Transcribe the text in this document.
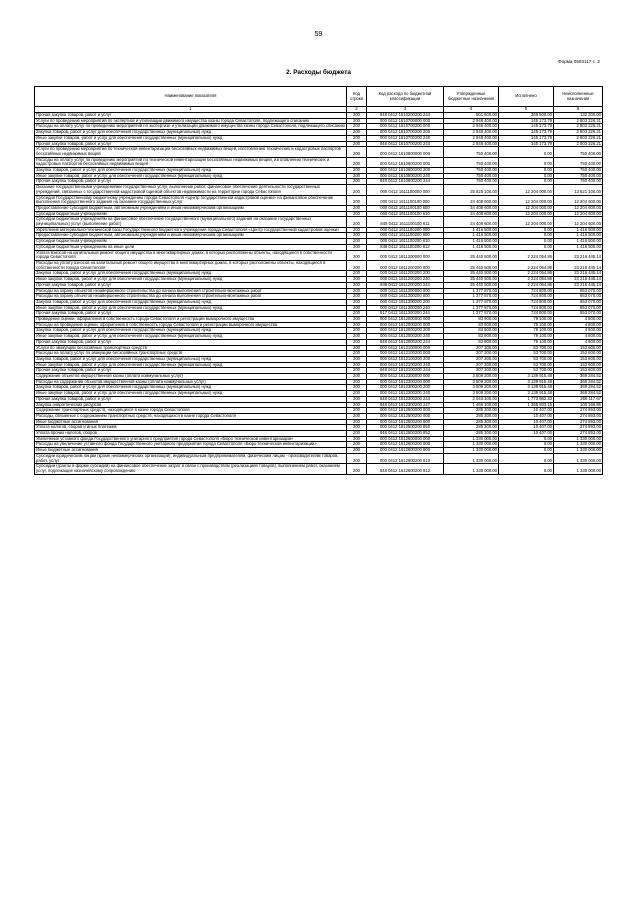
59
Форма 0503117 с. 2
2. Расходы бюджета
Наименование показателя	Код строки	Код расхода по бюджетной классификации	Утвержденные бюджетные назначения	Исполнено	Неисполненные назначения
1	2	3	4	5	6
Прочая закупка товаров, работ и услуг	200	848 0412 1610200200 244	501 600.00	369 500.00	132 300.00
Услуги по проведению мероприятий по экспертизе и утилизации движимого имущества казны города Севастополя, подлежащего списанию	200	000 0412 1610700000 000	2 948 400.00	145 173.79	2 803 226.21
Расходы на оплату услуг по проведению мероприятий по экспертизе и утилизации движимого имущества казны города Севастополя, подлежащего списанию	200	000 0412 1610700200 000	2 948 400.00	145 173.79	2 803 226.21
Закупка товаров, работ и услуг для обеспечения государственных (муниципальных) нужд	200	000 0412 1610700200 200	2 948 400.00	145 173.79	2 803 226.21
Иные закупки товаров, работ и услуг для обеспечения государственных (муниципальных) нужд	200	000 0412 1610700200 240	2 948 400.00	145 173.79	2 803 226.21
Прочая закупка товаров, работ и услуг	200	848 0412 1610700200 244	2 948 400.00	145 173.79	2 803 226.21
Услуги по проведению мероприятий по технической инвентаризации бесхозяйных недвижимых вещей, изготовлению технических и кадастровых паспортов бесхозяйных недвижимых вещей	200	000 0412 1610800000 000	750 400.00	0.00	750 400.00
Расходы на оплату услуг по проведению мероприятий по технической инвентаризации бесхозяйных недвижимых вещей, изготовлению технических и кадастровых паспортов бесхозяйных недвижимых вещей	200	000 0412 1610800200 000	750 400.00	0.00	750 400.00
Закупка товаров, работ и услуг для обеспечения государственных (муниципальных) нужд	200	000 0412 1610800200 200	750 400.00	0.00	750 400.00
Иные закупки товаров, работ и услуг для обеспечения государственных (муниципальных) нужд	200	000 0412 1610800200 240	750 400.00	0.00	750 400.00
Прочая закупка товаров, работ и услуг	200	848 0412 1610800200 244	750 400.00	0.00	750 400.00
Оказание государственными учреждениями государственных услуг, выполнение работ, финансовое обеспечение деятельности государственных учреждений, связанных с государственной кадастровой оценкой объектов недвижимости на территории города Севастополя	200	000 0412 1611100000 000	25 825 100.00	12 204 000.00	13 621 100.00
Субсидия Государственному бюджетному учреждению города Севастополя «Центр государственной кадастровой оценки» на финансовое обеспечение выполнения государственного задания на оказание государственных услуг	200	000 0412 1611100100 000	24 408 600.00	12 204 000.00	12 204 600.00
Предоставление субсидий бюджетным, автономным учреждениям и иным некоммерческим организациям	200	000 0412 1611100100 600	24 408 600.00	12 204 000.00	12 204 600.00
Субсидии бюджетным учреждениям	200	000 0412 1611100100 610	24 408 600.00	12 204 000.00	12 204 600.00
Субсидии бюджетным учреждениям на финансовое обеспечение государственного (муниципального) задания на оказание государственных (муниципальных) услуг (выполнение работ)	200	848 0412 1611100100 611	24 408 600.00	12 204 000.00	12 204 600.00
Укрепление материально-технической базы Государственного бюджетного учреждения города Севастополя «Центр государственной кадастровой оценки»	200	000 0412 1611100200 000	1 416 500.00	0.00	1 416 500.00
Предоставление субсидий бюджетным, автономным учреждениям и иным некоммерческим организациям	200	000 0412 1611100200 600	1 416 500.00	0.00	1 416 500.00
Субсидии бюджетным учреждениям	200	000 0412 1611100200 610	1 416 500.00	0.00	1 416 500.00
Субсидии бюджетным учреждениям на иные цели	200	848 0412 1611100200 612	1 416 500.00	0.00	1 416 500.00
Уплата взносов на капитальный ремонт общего имущества в многоквартирных домах, в которых расположены объекты, находящиеся в собственности города Севастополя	200	000 0412 1611200000 000	25 440 500.00	2 224 054.86	23 216 445.14
Расходы на уплату взносов на капитальный ремонт общего имущества в многоквартирных домах, в которых расположены объекты, находящиеся в собственности города Севастополя	200	000 0412 1611200200 000	25 440 500.00	2 224 054.86	23 216 445.14
Закупка товаров, работ и услуг для обеспечения государственных (муниципальных) нужд	200	000 0412 1611200200 200	25 440 500.00	2 224 054.86	23 216 445.14
Иные закупки товаров, работ и услуг для обеспечения государственных (муниципальных) нужд	200	000 0412 1611200200 240	25 440 500.00	2 224 054.86	23 216 445.14
Прочая закупка товаров, работ и услуг	200	848 0412 1611200200 244	25 440 500.00	2 224 054.86	23 216 445.14
Расходы на охрану объектов незавершенного строительства до начала выполнения строительно-монтажных работ	200	000 0412 1611300000 000	1 377 870.00	724 800.00	653 070.00
Расходы на охрану объектов незавершенного строительства до начала выполнения строительно-монтажных работ	200	000 0412 1611300200 000	1 377 870.00	724 800.00	653 070.00
Закупка товаров, работ и услуг для обеспечения государственных (муниципальных) нужд	200	000 0412 1611300200 200	1 377 870.00	724 800.00	653 070.00
Иные закупки товаров, работ и услуг для обеспечения государственных (муниципальных) нужд	200	000 0412 1611300200 240	1 377 870.00	724 800.00	653 070.00
Прочая закупка товаров, работ и услуг	200	817 0412 1611300200 244	1 377 870.00	724 800.00	653 070.00
Проведение оценки, оформления в собственность города Севастополя и регистрации выморочного имущества	200	000 0412 1612000000 000	83 900.00	79 100.00	4 800.00
Расходы на проведение оценки, оформления в собственность города Севастополя и регистрации выморочного имущества	200	000 0412 1612000200 000	83 900.00	79 100.00	4 800.00
Закупка товаров, работ и услуг для обеспечения государственных (муниципальных) нужд	200	000 0412 1612000200 200	83 900.00	79 100.00	4 800.00
Иные закупки товаров, работ и услуг для обеспечения государственных (муниципальных) нужд	200	000 0412 1612000200 240	83 900.00	79 100.00	4 800.00
Прочая закупка товаров, работ и услуг	200	848 0412 1612000200 244	83 900.00	79 100.00	4 800.00
Услуги по эвакуации бесхозяйных транспортных средств	200	000 0412 1612100000 000	207 300.00	53 700.00	153 600.00
Расходы на оплату услуг по эвакуации бесхозяйных транспортных средств	200	000 0412 1612100200 000	207 300.00	53 700.00	153 600.00
Закупка товаров, работ и услуг для обеспечения государственных (муниципальных) нужд	200	000 0412 1612100200 200	207 300.00	53 700.00	153 600.00
Иные закупки товаров, работ и услуг для обеспечения государственных (муниципальных) нужд	200	000 0412 1612100200 240	207 300.00	53 700.00	153 600.00
Прочая закупка товаров, работ и услуг	200	848 0412 1612100200 244	207 300.00	53 700.00	153 600.00
Содержание объектов имущественной казны (оплата коммунальных услуг)	200	000 0412 1612300000 000	3 509 200.00	3 139 915.48	369 284.52
Расходы на содержание объектов имущественной казны (оплата коммунальных услуг)	200	000 0412 1612300200 000	3 509 200.00	3 139 915.48	369 284.52
Закупка товаров, работ и услуг для обеспечения государственных (муниципальных) нужд	200	000 0412 1612300200 200	3 509 200.00	3 139 915.48	369 284.52
Иные закупки товаров, работ и услуг для обеспечения государственных (муниципальных) нужд	200	000 0412 1612300200 240	3 509 200.00	3 139 915.48	369 284.52
Прочая закупка товаров, работ и услуг	200	848 0412 1612300200 244	2 043 100.00	1 773 982.33	269 117.67
Закупка энергетических ресурсов	200	848 0412 1612300200 247	1 466 100.00	1 365 933.15	100 166.85
Содержание транспортных средств, находящихся в казне города Севастополя	200	000 0412 1612500000 000	285 300.00	10 407.00	274 893.00
Расходы, связанные с содержанием транспортных средств, находящихся в казне города Севастополя	200	000 0412 1612500200 000	285 300.00	10 407.00	274 893.00
Иные бюджетные ассигнования	200	000 0412 1612500200 800	285 300.00	10 407.00	274 893.00
Уплата налогов, сборов и иных платежей	200	000 0412 1612500200 850	285 300.00	10 407.00	274 893.00
Уплата прочих налогов, сборов	200	848 0412 1612500200 852	285 300.00	10 407.00	274 893.00
Увеличение уставного фонда Государственного унитарного предприятия города Севастополя «Бюро технической инвентаризации»	200	000 0412 1612600000 000	1 330 000.00	0.00	1 330 000.00
Расходы на увеличение уставного фонда Государственного унитарного предприятия города Севастополя «Бюро технической инвентаризации»	200	000 0412 1612600200 000	1 330 000.00	0.00	1 330 000.00
Иные бюджетные ассигнования	200	000 0412 1612600200 800	1 330 000.00	0.00	1 330 000.00
Субсидии юридическим лицам (кроме некоммерческих организаций), индивидуальным предпринимателям, физическим лицам - производителям товаров, работ, услуг	200	000 0412 1612600200 810	1 330 000.00	0.00	1 330 000.00
Субсидии (гранты в форме субсидий) на финансовое обеспечение затрат в связи с производством (реализацией товаров), выполнением работ, оказанием услуг, подлежащие казначейскому сопровождению	200	848 0412 1612600200 812	1 330 000.00	0.00	1 330 000.00
